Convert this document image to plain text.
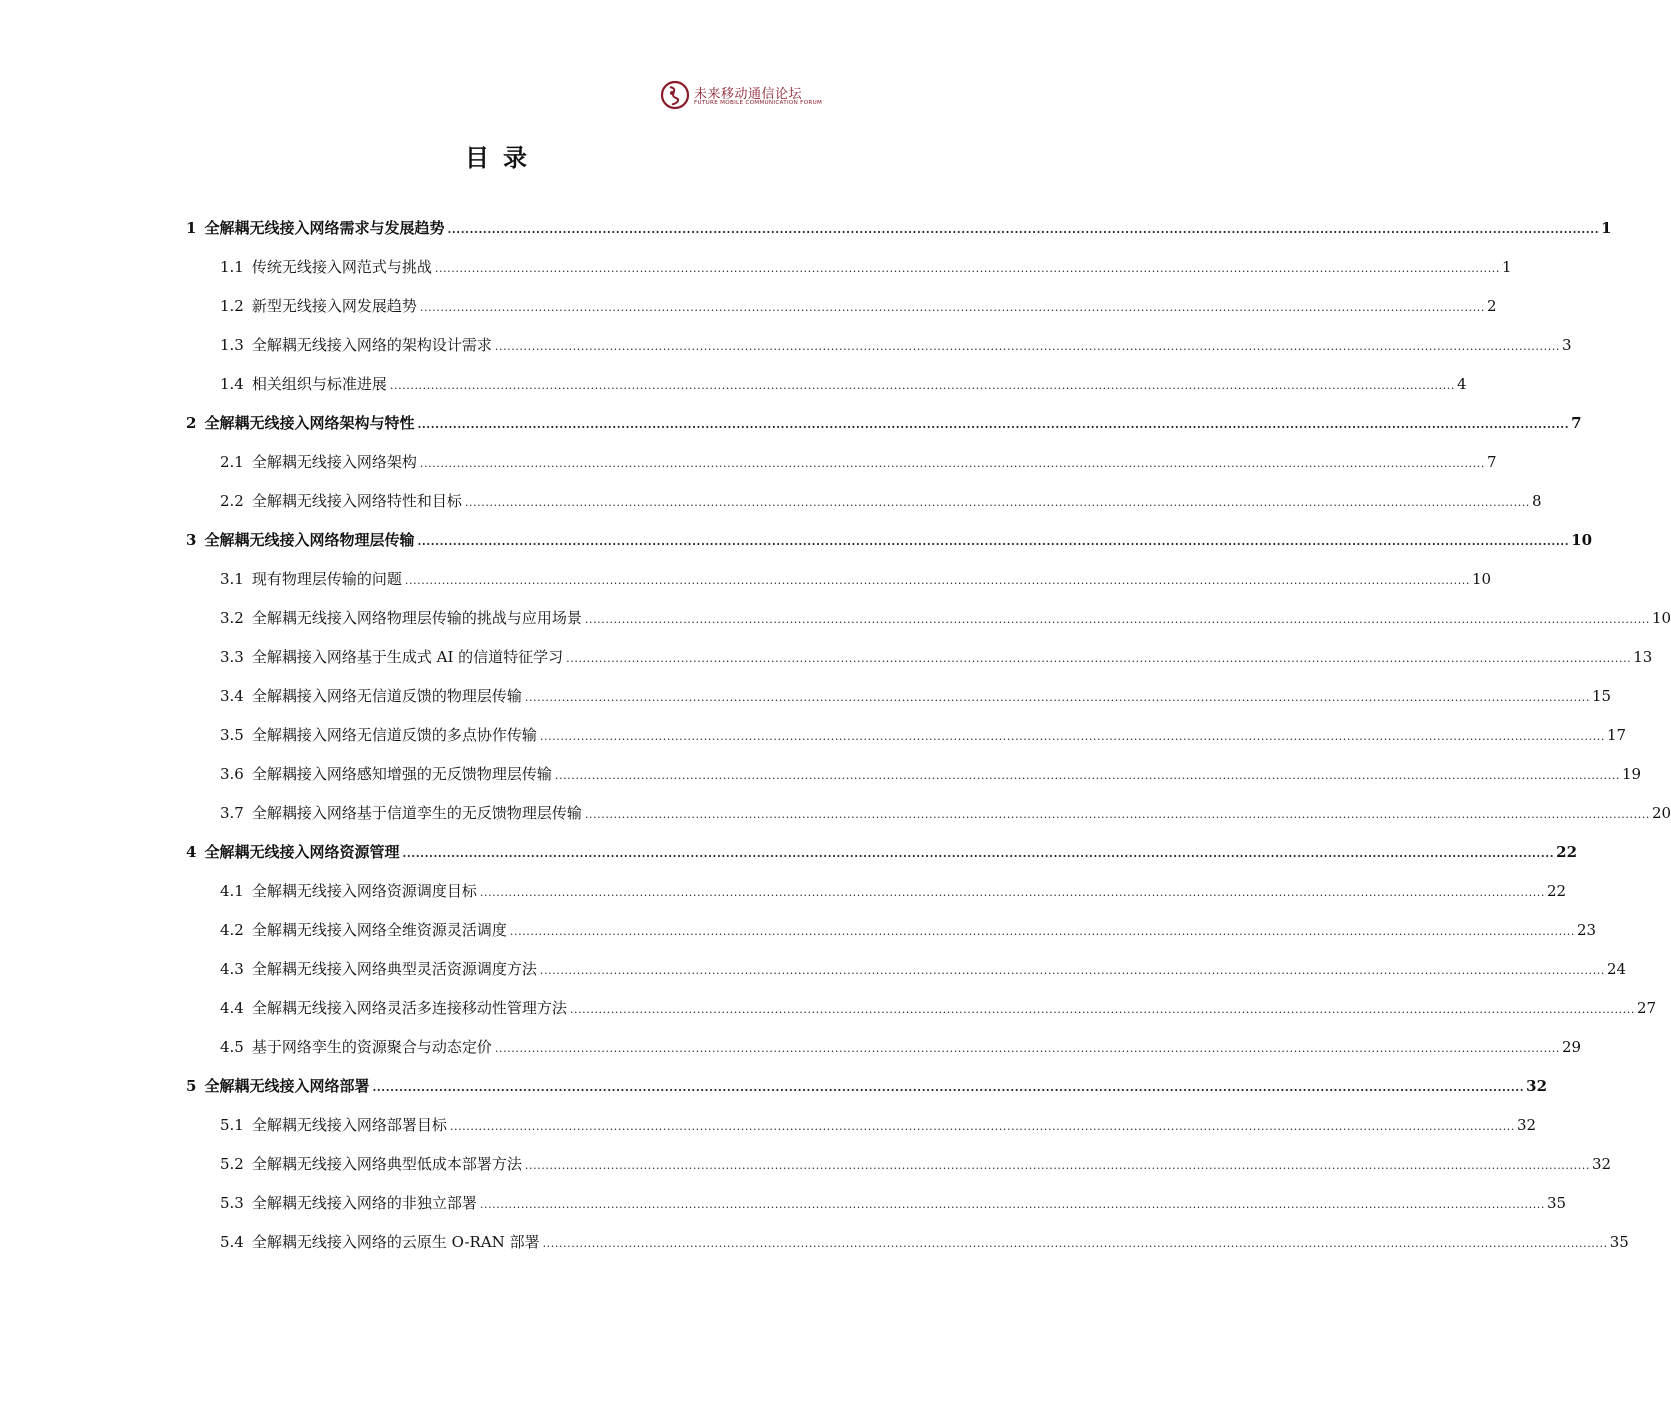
未来移动通信论坛
FUTURE MOBILE COMMUNICATION FORUM
目录
1 全解耦无线接入网络需求与发展趋势 .................................................................................................................................................................................................................................................................... 1
1.1 传统无线接入网范式与挑战 .................................................................................................................................................................................................................................................................... 1
1.2 新型无线接入网发展趋势 .................................................................................................................................................................................................................................................................... 2
1.3 全解耦无线接入网络的架构设计需求 .................................................................................................................................................................................................................................................................... 3
1.4 相关组织与标准进展 .................................................................................................................................................................................................................................................................... 4
2 全解耦无线接入网络架构与特性 .................................................................................................................................................................................................................................................................... 7
2.1 全解耦无线接入网络架构 .................................................................................................................................................................................................................................................................... 7
2.2 全解耦无线接入网络特性和目标 .................................................................................................................................................................................................................................................................... 8
3 全解耦无线接入网络物理层传输 .................................................................................................................................................................................................................................................................... 10
3.1 现有物理层传输的问题 .................................................................................................................................................................................................................................................................... 10
3.2 全解耦无线接入网络物理层传输的挑战与应用场景 .................................................................................................................................................................................................................................................................... 10
3.3 全解耦接入网络基于生成式 AI 的信道特征学习 .................................................................................................................................................................................................................................................................... 13
3.4 全解耦接入网络无信道反馈的物理层传输 .................................................................................................................................................................................................................................................................... 15
3.5 全解耦接入网络无信道反馈的多点协作传输 .................................................................................................................................................................................................................................................................... 17
3.6 全解耦接入网络感知增强的无反馈物理层传输 .................................................................................................................................................................................................................................................................... 19
3.7 全解耦接入网络基于信道孪生的无反馈物理层传输 .................................................................................................................................................................................................................................................................... 20
4 全解耦无线接入网络资源管理 .................................................................................................................................................................................................................................................................... 22
4.1 全解耦无线接入网络资源调度目标 .................................................................................................................................................................................................................................................................... 22
4.2 全解耦无线接入网络全维资源灵活调度 .................................................................................................................................................................................................................................................................... 23
4.3 全解耦无线接入网络典型灵活资源调度方法 .................................................................................................................................................................................................................................................................... 24
4.4 全解耦无线接入网络灵活多连接移动性管理方法 .................................................................................................................................................................................................................................................................... 27
4.5 基于网络孪生的资源聚合与动态定价 .................................................................................................................................................................................................................................................................... 29
5 全解耦无线接入网络部署 .................................................................................................................................................................................................................................................................... 32
5.1 全解耦无线接入网络部署目标 .................................................................................................................................................................................................................................................................... 32
5.2 全解耦无线接入网络典型低成本部署方法 .................................................................................................................................................................................................................................................................... 32
5.3 全解耦无线接入网络的非独立部署 .................................................................................................................................................................................................................................................................... 35
5.4 全解耦无线接入网络的云原生 O-RAN 部署 .................................................................................................................................................................................................................................................................... 35
